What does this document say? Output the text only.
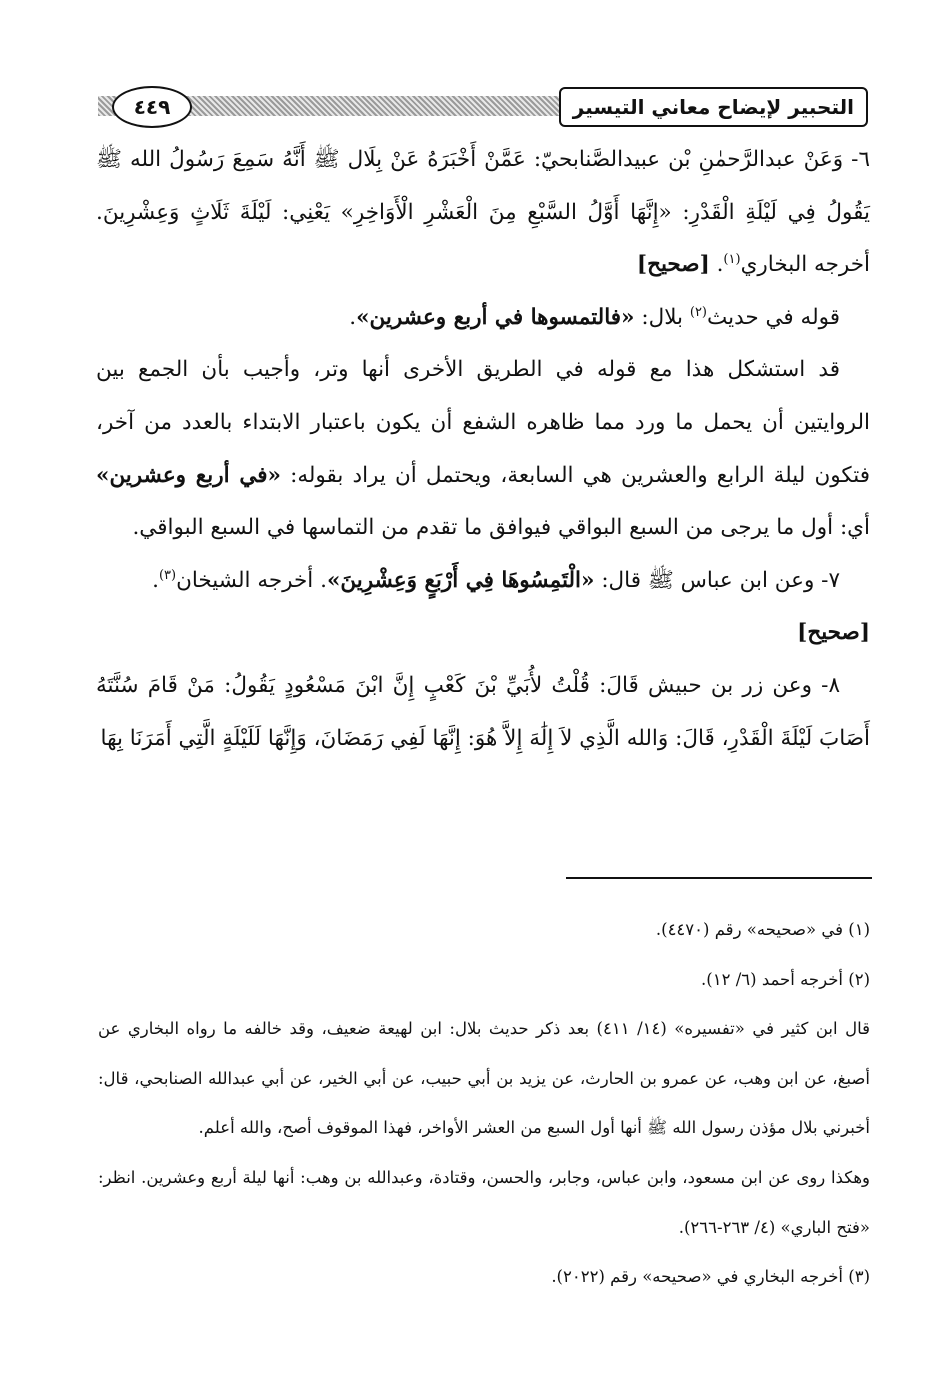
التحبير لإيضاح معاني التيسير
٤٤٩

٦- وَعَنْ عبدالرَّحمٰنِ بْن عبيدالصَّنابحيّ: عَمَّنْ أَخْبَرَهُ عَنْ بِلَال ﷺ أَنَّهُ سَمِعَ رَسُولُ الله ﷺ يَقُولُ فِي لَيْلَةِ الْقَدْرِ: «إِنَّهَا أَوَّلُ السَّبْعِ مِنَ الْعَشْرِ الْأَوَاخِرِ» يَعْنِي: لَيْلَةَ ثَلَاثٍ وَعِشْرِينَ. أخرجه البخاري$^{(١)}$. [صحيح]

قوله في حديث$^{(٢)}$ بلال: «فالتمسوها في أربع وعشرين».

قد استشكل هذا مع قوله في الطريق الأخرى أنها وتر، وأجيب بأن الجمع بين الروايتين أن يحمل ما ورد مما ظاهره الشفع أن يكون باعتبار الابتداء بالعدد من آخر، فتكون ليلة الرابع والعشرين هي السابعة، ويحتمل أن يراد بقوله: «في أربع وعشرين» أي: أول ما يرجى من السبع البواقي فيوافق ما تقدم من التماسها في السبع البواقي.

٧- وعن ابن عباس ﷺ قال: «الْتَمِسُوهَا فِي أَرْبَعٍ وَعِشْرِينَ». أخرجه الشيخان$^{(٣)}$.

[صحيح]

٨- وعن زر بن حبيش قَالَ: قُلْتُ لأُبَيِّ بْنَ كَعْبٍ إِنَّ ابْنَ مَسْعُودٍ يَقُولُ: مَنْ قَامَ سُنَّتَهُ أَصَابَ لَيْلَةَ الْقَدْرِ، قَالَ: وَالله الَّذِي لاَ إِلَٰهَ إِلاَّ هُوَ: إِنَّهَا لَفِي رَمَضَانَ، وَإِنَّهَا لَلَيْلَةٍ الَّتِي أَمَرَنَا بِهَا

(١) في «صحيحه» رقم (٤٤٧٠).

(٢) أخرجه أحمد (٦/ ١٢).

قال ابن كثير في «تفسيره» (١٤/ ٤١١) بعد ذكر حديث بلال: ابن لهيعة ضعيف، وقد خالفه ما رواه البخاري عن أصبغ، عن ابن وهب، عن عمرو بن الحارث، عن يزيد بن أبي حبيب، عن أبي الخير، عن أبي عبدالله الصنابحي، قال: أخبرني بلال مؤذن رسول الله ﷺ أنها أول السبع من العشر الأواخر، فهذا الموقوف أصح، والله أعلم.

وهكذا روى عن ابن مسعود، وابن عباس، وجابر، والحسن، وقتادة، وعبدالله بن وهب: أنها ليلة أربع وعشرين. انظر: «فتح الباري» (٤/ ٢٦٣-٢٦٦).

(٣) أخرجه البخاري في «صحيحه» رقم (٢٠٢٢).
